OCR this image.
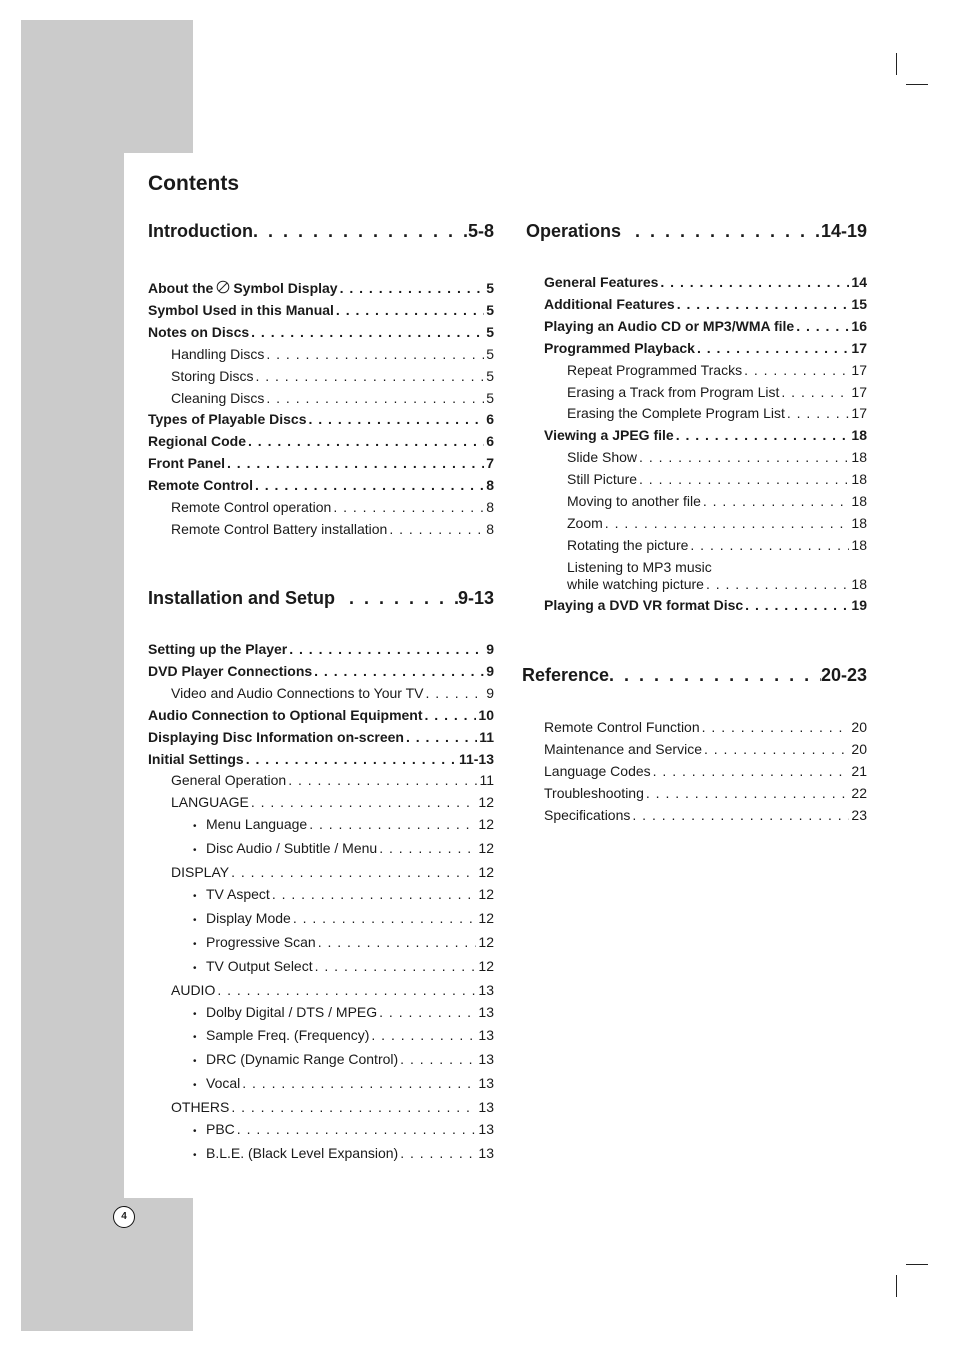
Contents
Introduction . . .	5-8
About the Symbol Display . . .	5
Symbol Used in this Manual . . .	5
Notes on Discs . . .	5
Handling Discs . . .	5
Storing Discs . . .	5
Cleaning Discs . . .	5
Types of Playable Discs . . .	6
Regional Code . . .	6
Front Panel . . .	7
Remote Control . . .	8
Remote Control operation . . .	8
Remote Control Battery installation . . .	8
Installation and Setup . . .	9-13
Setting up the Player . . .	9
DVD Player Connections . . .	9
Video and Audio Connections to Your TV . . .	9
Audio Connection to Optional Equipment . . .	10
Displaying Disc Information on-screen . . .	11
Initial Settings . . .	11-13
General Operation . . .	11
LANGUAGE . . .	12
• Menu Language . . .	12
• Disc Audio / Subtitle / Menu . . .	12
DISPLAY . . .	12
• TV Aspect . . .	12
• Display Mode . . .	12
• Progressive Scan . . .	12
• TV Output Select . . .	12
AUDIO . . .	13
• Dolby Digital / DTS / MPEG . . .	13
• Sample Freq. (Frequency) . . .	13
• DRC (Dynamic Range Control) . . .	13
• Vocal . . .	13
OTHERS . . .	13
• PBC . . .	13
• B.L.E. (Black Level Expansion) . . .	13
Operations . . .	14-19
General Features . . .	14
Additional Features . . .	15
Playing an Audio CD or MP3/WMA file . . .	16
Programmed Playback . . .	17
Repeat Programmed Tracks . . .	17
Erasing a Track from Program List . . .	17
Erasing the Complete Program List . . .	17
Viewing a JPEG file . . .	18
Slide Show . . .	18
Still Picture . . .	18
Moving to another file . . .	18
Zoom . . .	18
Rotating the picture . . .	18
Listening to MP3 music
while watching picture . . .	18
Playing a DVD VR format Disc . . .	19
Reference . . .	20-23
Remote Control Function . . .	20
Maintenance and Service . . .	20
Language Codes . . .	21
Troubleshooting . . .	22
Specifications . . .	23
4
